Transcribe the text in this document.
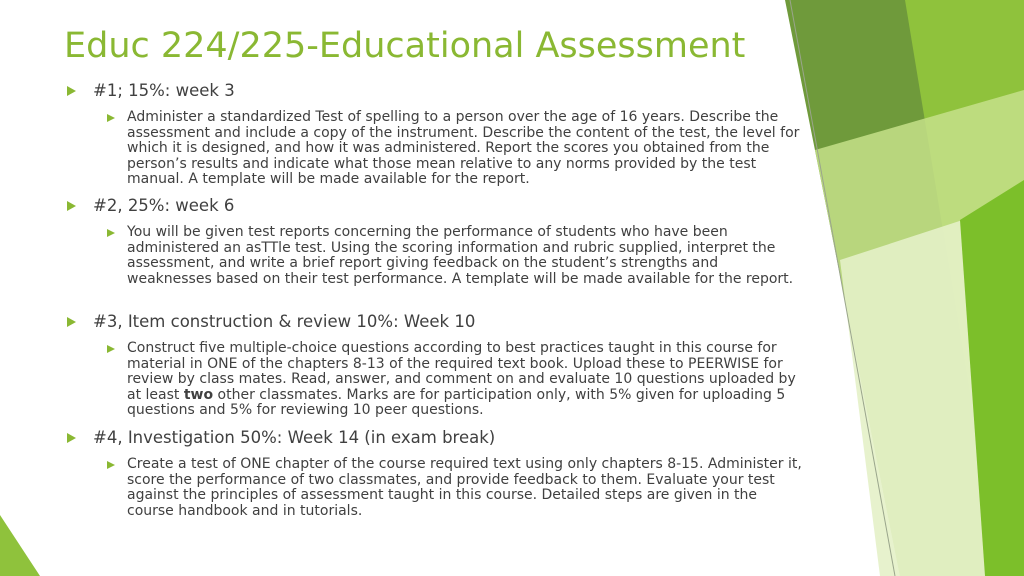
Educ 224/225-Educational Assessment
#1; 15%: week 3
Administer a standardized Test of spelling to a person over the age of 16 years. Describe the assessment and include a copy of the instrument. Describe the content of the test, the level for which it is designed, and how it was administered. Report the scores you obtained from the person’s results and indicate what those mean relative to any norms provided by the test manual. A template will be made available for the report.
#2, 25%: week 6
You will be given test reports concerning the performance of students who have been administered an asTTle test. Using the scoring information and rubric supplied, interpret the assessment, and write a brief report giving feedback on the student’s strengths and weaknesses based on their test performance. A template will be made available for the report.
#3, Item construction & review 10%: Week 10
Construct five multiple-choice questions according to best practices taught in this course for material in ONE of the chapters 8-13 of the required text book. Upload these to PEERWISE for review by class mates. Read, answer, and comment on and evaluate 10 questions uploaded by at least two other classmates. Marks are for participation only, with 5% given for uploading 5 questions and 5% for reviewing 10 peer questions.
#4, Investigation 50%: Week 14 (in exam break)
Create a test of ONE chapter of the course required text using only chapters 8-15. Administer it, score the performance of two classmates, and provide feedback to them. Evaluate your test against the principles of assessment taught in this course. Detailed steps are given in the course handbook and in tutorials.
